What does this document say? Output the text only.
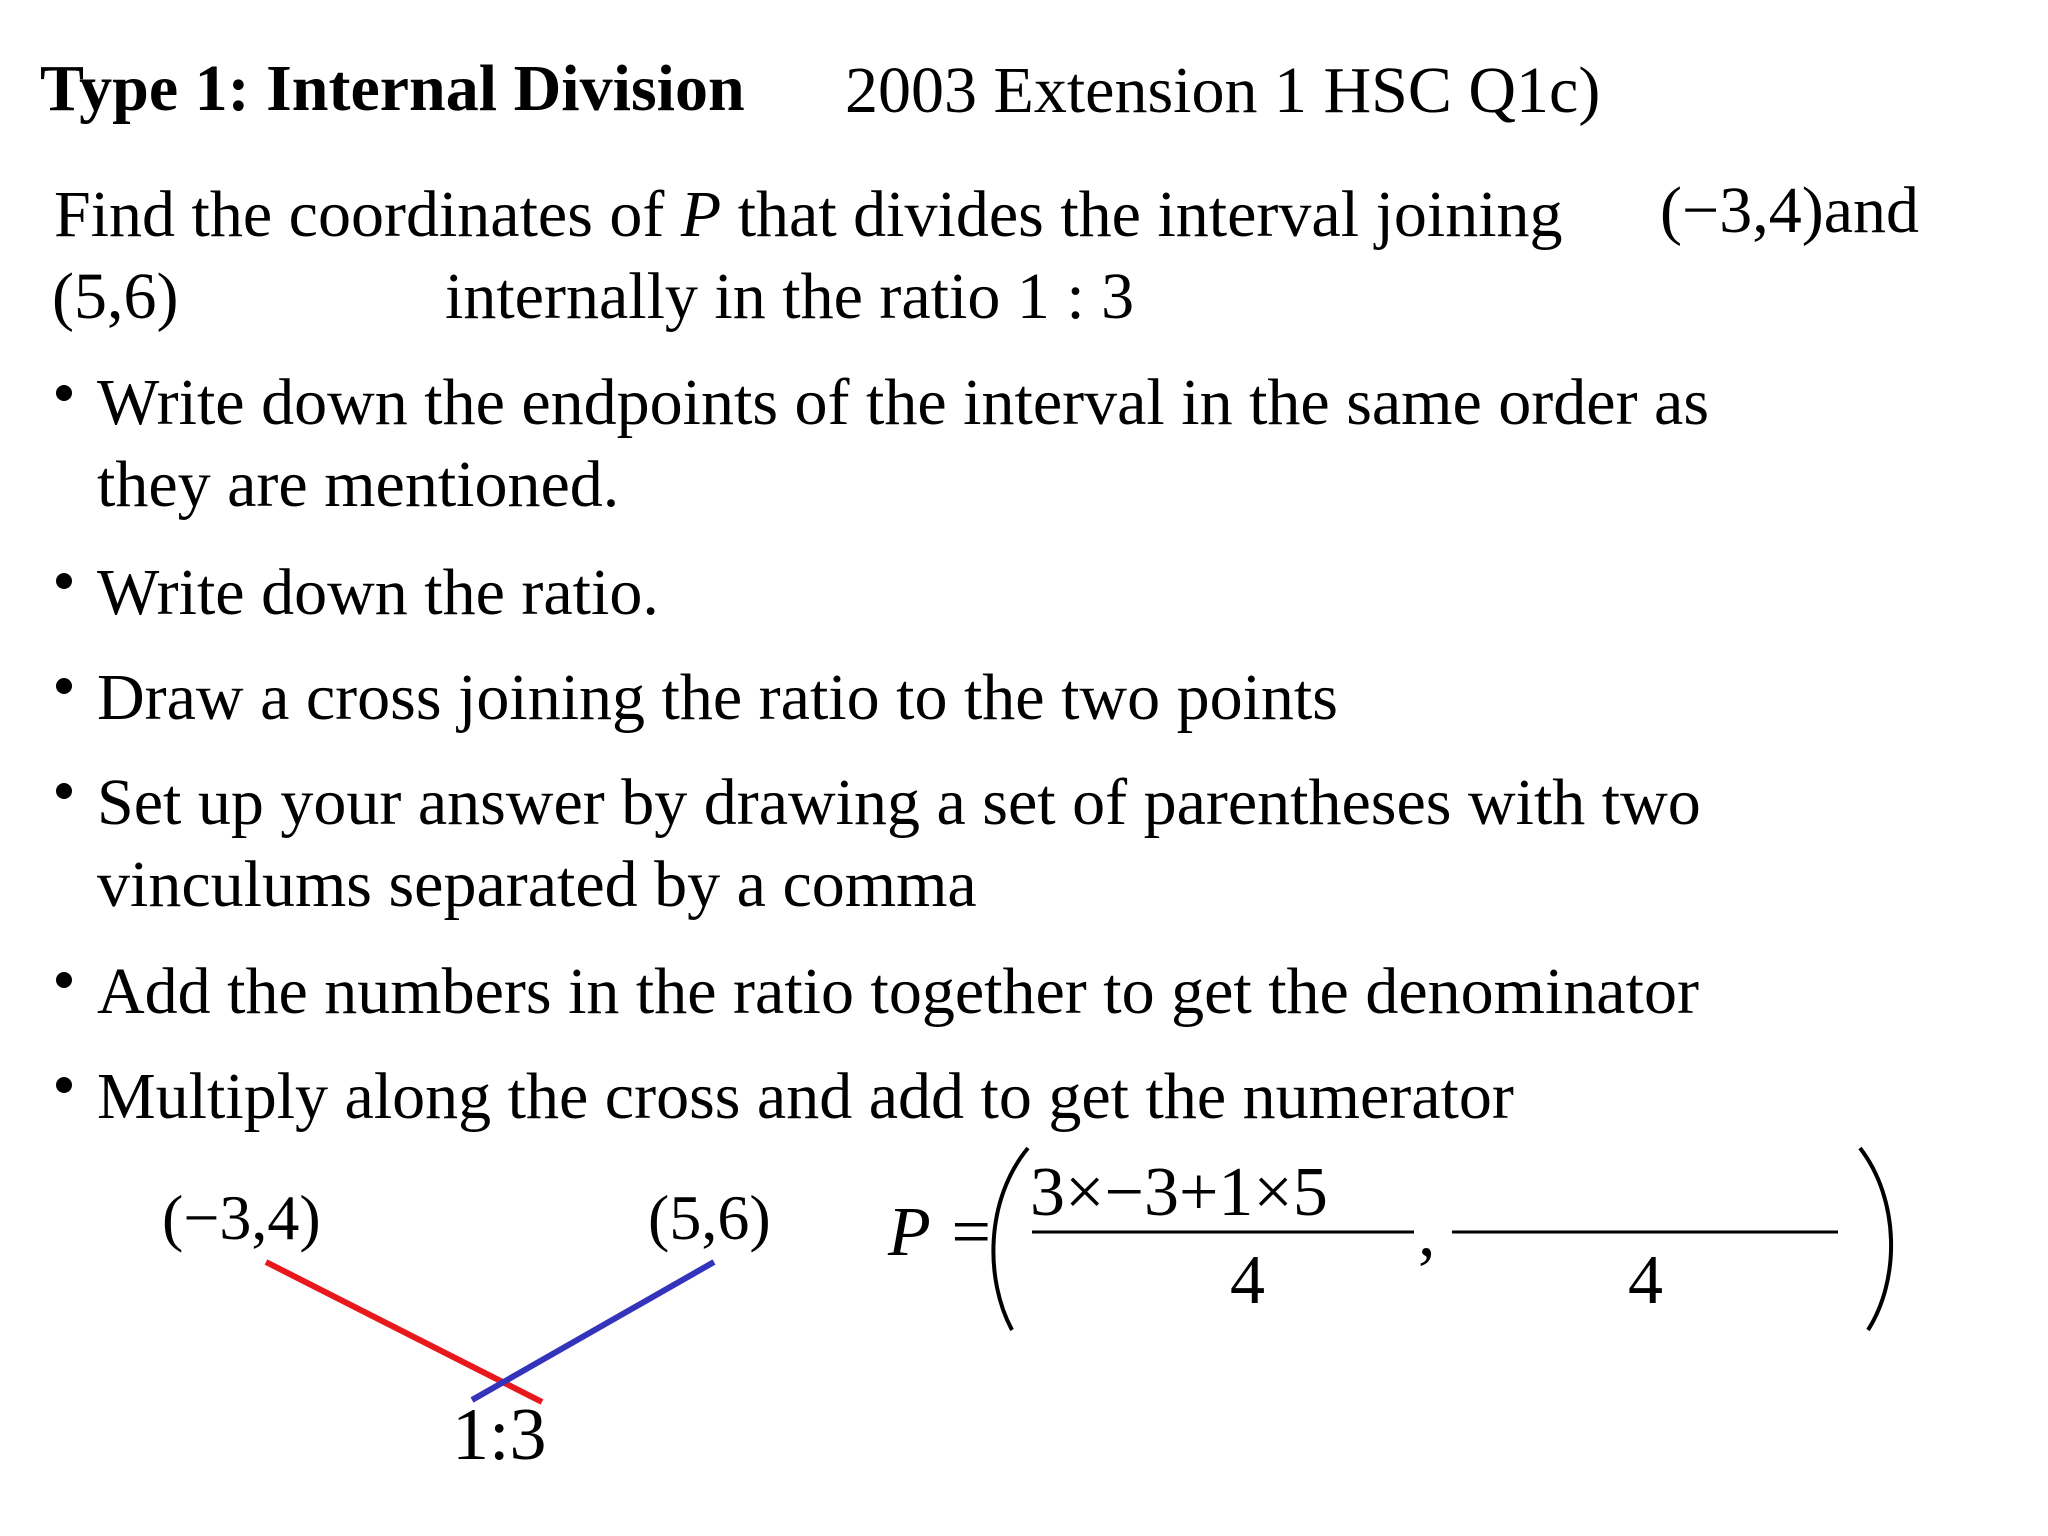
Type 1: Internal Division 2003 Extension 1 HSC Q1c)
Find the coordinates of P that divides the interval joining (−3,4)and
(5,6)	internally in the ratio 1 : 3
Write down the endpoints of the interval in the same order as
they are mentioned.
Write down the ratio.
Draw a cross joining the ratio to the two points
Set up your answer by drawing a set of parentheses with two
vinculums separated by a comma
Add the numbers in the ratio together to get the denominator
Multiply along the cross and add to get the numerator
(−3,4)	(5,6)
1:3
P =
3×−3+1×5
4
,
4
